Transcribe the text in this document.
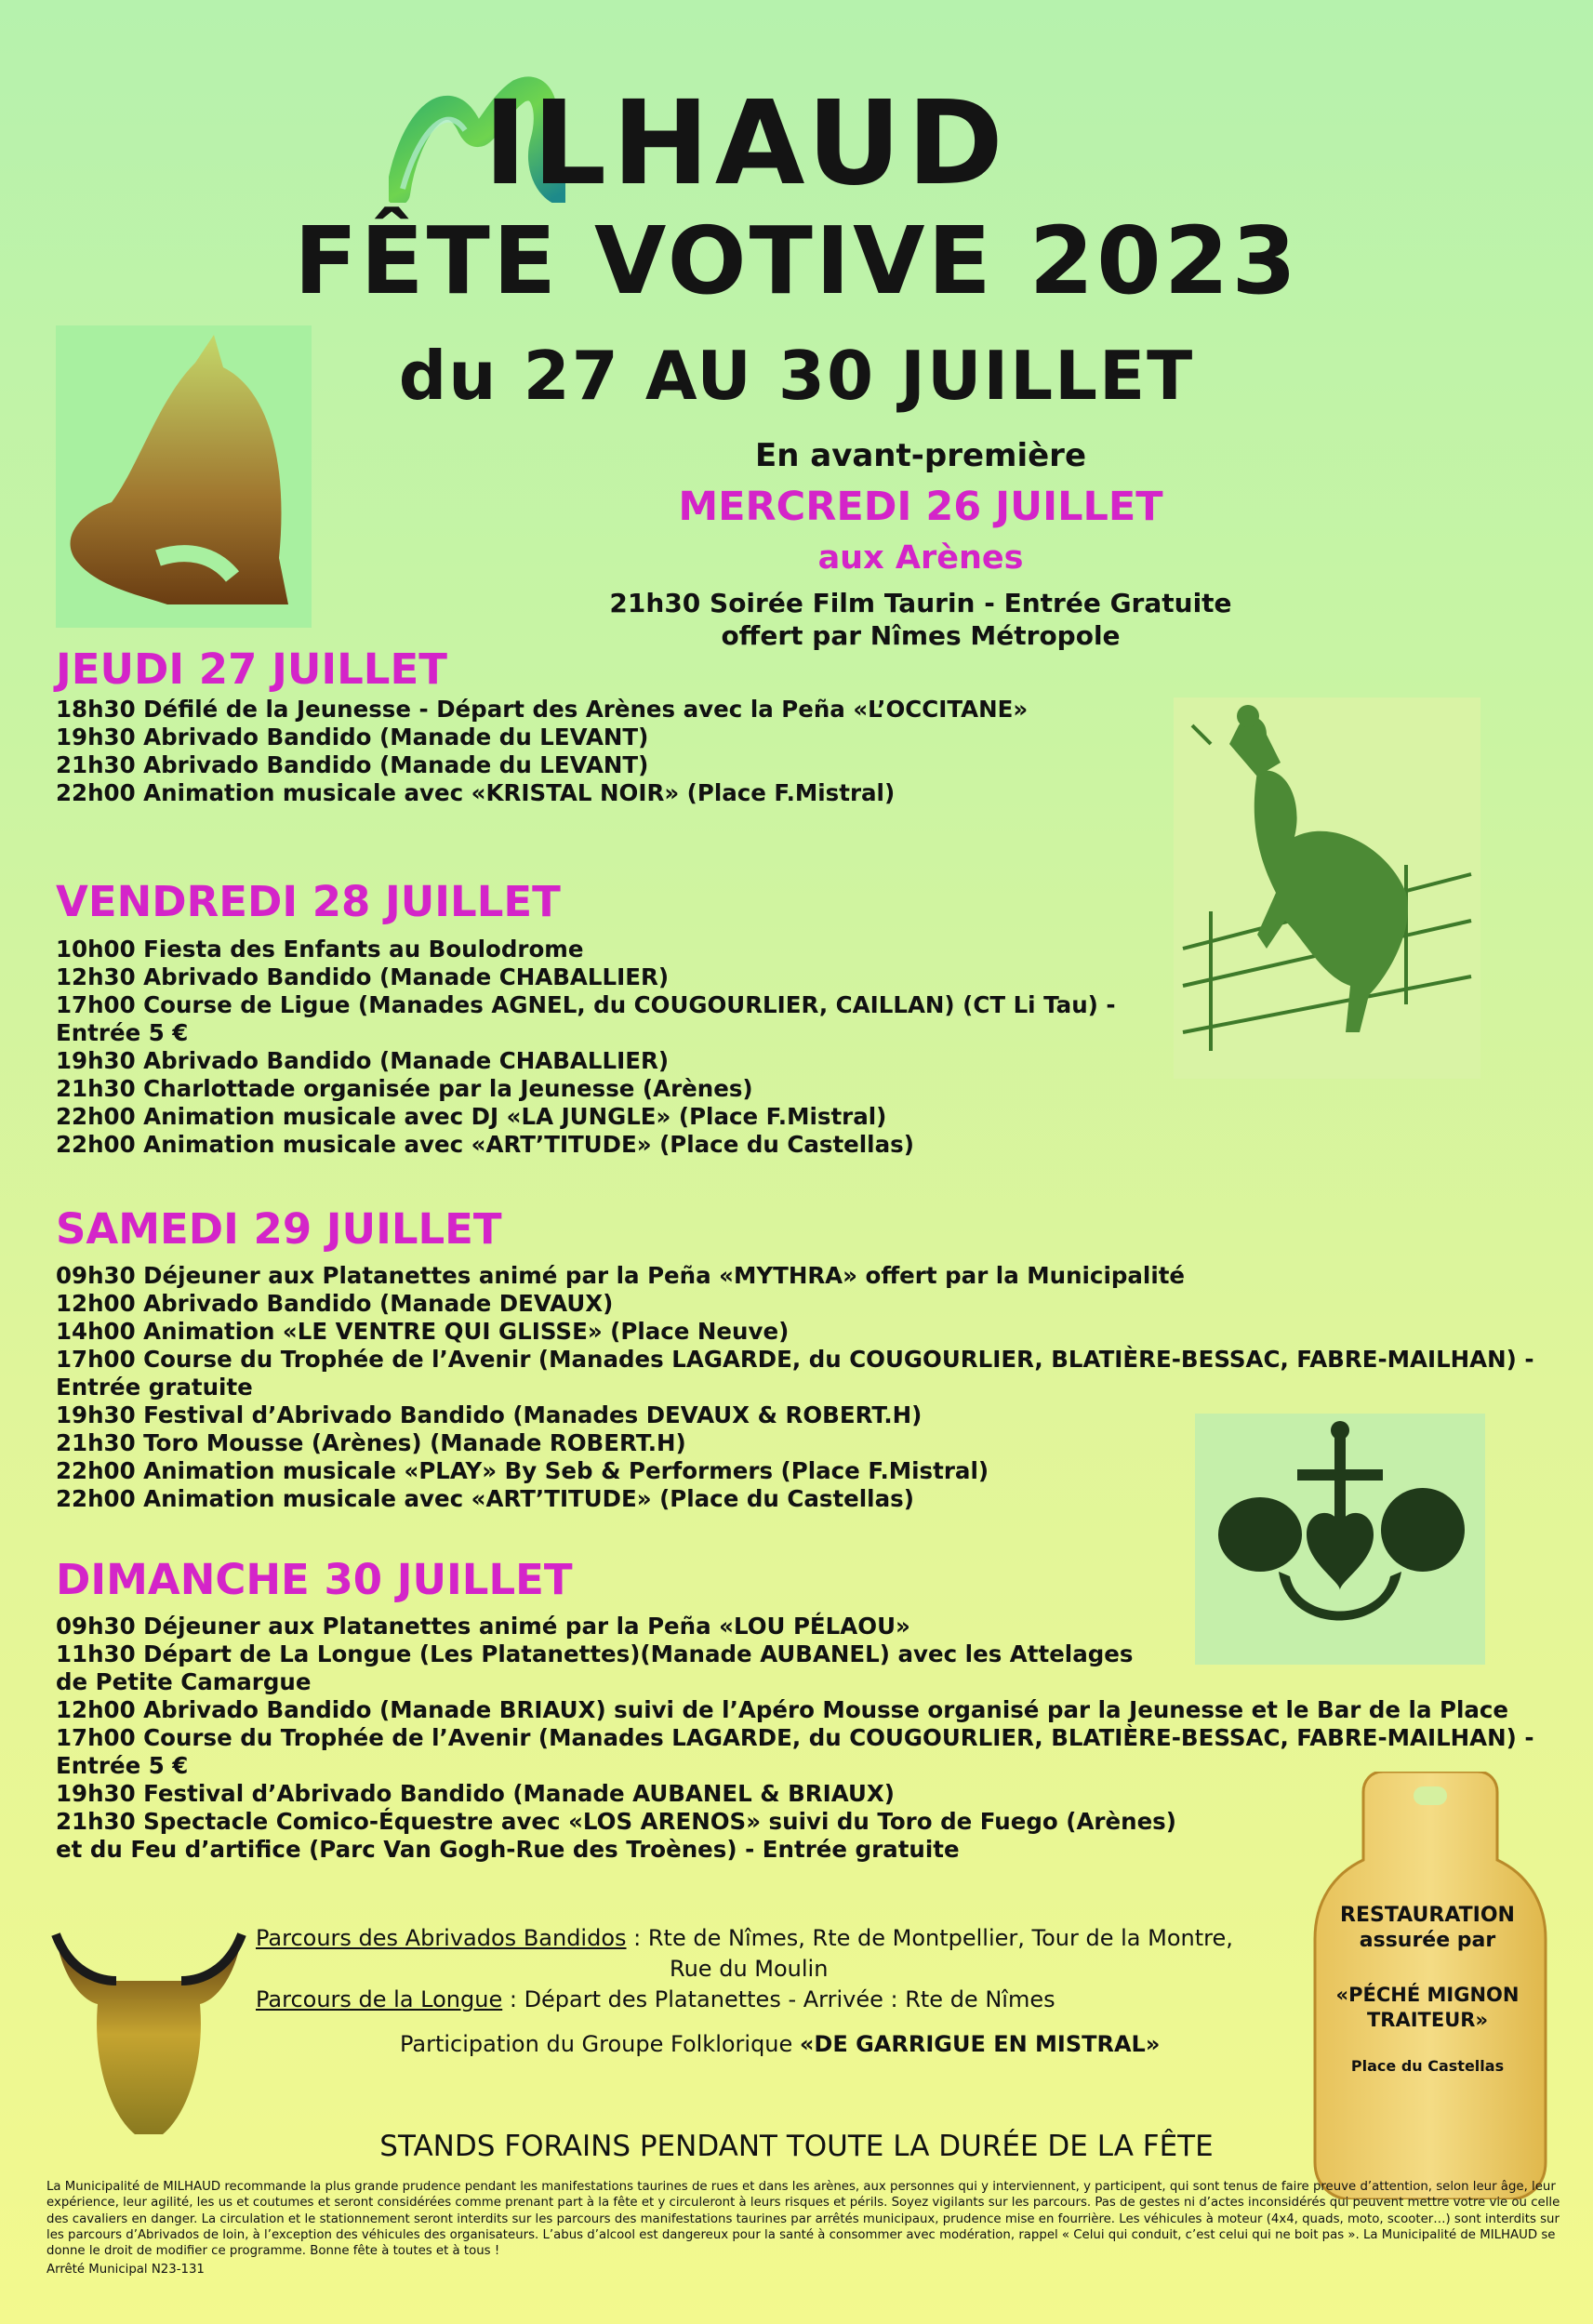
ILHAUD
FÊTE VOTIVE 2023
du 27 AU 30 JUILLET
En avant-première
MERCREDI 26 JUILLET
aux Arènes
21h30 Soirée Film Taurin - Entrée Gratuite
offert par Nîmes Métropole
JEUDI 27 JUILLET
18h30 Défilé de la Jeunesse - Départ des Arènes avec la Peña «L’OCCITANE»
19h30 Abrivado Bandido (Manade du LEVANT)
21h30 Abrivado Bandido (Manade du LEVANT)
22h00 Animation musicale avec «KRISTAL NOIR» (Place F.Mistral)
VENDREDI 28 JUILLET
10h00 Fiesta des Enfants au Boulodrome
12h30 Abrivado Bandido (Manade CHABALLIER)
17h00 Course de Ligue (Manades AGNEL, du COUGOURLIER, CAILLAN) (CT Li Tau) -
Entrée 5 €
19h30 Abrivado Bandido (Manade CHABALLIER)
21h30 Charlottade organisée par la Jeunesse (Arènes)
22h00 Animation musicale avec DJ «LA JUNGLE» (Place F.Mistral)
22h00 Animation musicale avec «ART’TITUDE» (Place du Castellas)
SAMEDI 29 JUILLET
09h30 Déjeuner aux Platanettes animé par la Peña «MYTHRA» offert par la Municipalité
12h00 Abrivado Bandido (Manade DEVAUX)
14h00 Animation «LE VENTRE QUI GLISSE» (Place Neuve)
17h00 Course du Trophée de l’Avenir (Manades LAGARDE, du COUGOURLIER, BLATIÈRE-BESSAC, FABRE-MAILHAN) -
Entrée gratuite
19h30 Festival d’Abrivado Bandido (Manades DEVAUX & ROBERT.H)
21h30 Toro Mousse (Arènes) (Manade ROBERT.H)
22h00 Animation musicale «PLAY» By Seb & Performers (Place F.Mistral)
22h00 Animation musicale avec «ART’TITUDE» (Place du Castellas)
DIMANCHE 30 JUILLET
09h30 Déjeuner aux Platanettes animé par la Peña «LOU PÉLAOU»
11h30 Départ de La Longue (Les Platanettes)(Manade AUBANEL) avec les Attelages
de Petite Camargue
12h00 Abrivado Bandido (Manade BRIAUX) suivi de l’Apéro Mousse organisé par la Jeunesse et le Bar de la Place
17h00 Course du Trophée de l’Avenir (Manades LAGARDE, du COUGOURLIER, BLATIÈRE-BESSAC, FABRE-MAILHAN) -
Entrée 5 €
19h30 Festival d’Abrivado Bandido (Manade AUBANEL & BRIAUX)
21h30 Spectacle Comico-Équestre avec «LOS ARENOS» suivi du Toro de Fuego (Arènes)
et du Feu d’artifice (Parc Van Gogh-Rue des Troènes) - Entrée gratuite
Parcours des Abrivados Bandidos : Rte de Nîmes, Rte de Montpellier, Tour de la Montre,
Rue du Moulin
Parcours de la Longue : Départ des Platanettes - Arrivée : Rte de Nîmes
Participation du Groupe Folklorique «DE GARRIGUE EN MISTRAL»
RESTAURATION
assurée par
«PÉCHÉ MIGNON
TRAITEUR»
Place du Castellas
STANDS FORAINS PENDANT TOUTE LA DURÉE DE LA FÊTE
La Municipalité de MILHAUD recommande la plus grande prudence pendant les manifestations taurines de rues et dans les arènes, aux personnes qui y interviennent, y participent, qui sont tenus de faire preuve d’attention, selon leur âge, leur expérience, leur agilité, les us et coutumes et seront considérées comme prenant part à la fête et y circuleront à leurs risques et périls. Soyez vigilants sur les parcours. Pas de gestes ni d’actes inconsidérés qui peuvent mettre votre vie ou celle des cavaliers en danger. La circulation et le stationnement seront interdits sur les parcours des manifestations taurines par arrêtés municipaux, prudence mise en fourrière. Les véhicules à moteur (4x4, quads, moto, scooter…) sont interdits sur les parcours d’Abrivados de loin, à l’exception des véhicules des organisateurs. L’abus d’alcool est dangereux pour la santé à consommer avec modération, rappel « Celui qui conduit, c’est celui qui ne boit pas ». La Municipalité de MILHAUD se donne le droit de modifier ce programme. Bonne fête à toutes et à tous !
Arrêté Municipal N23-131
